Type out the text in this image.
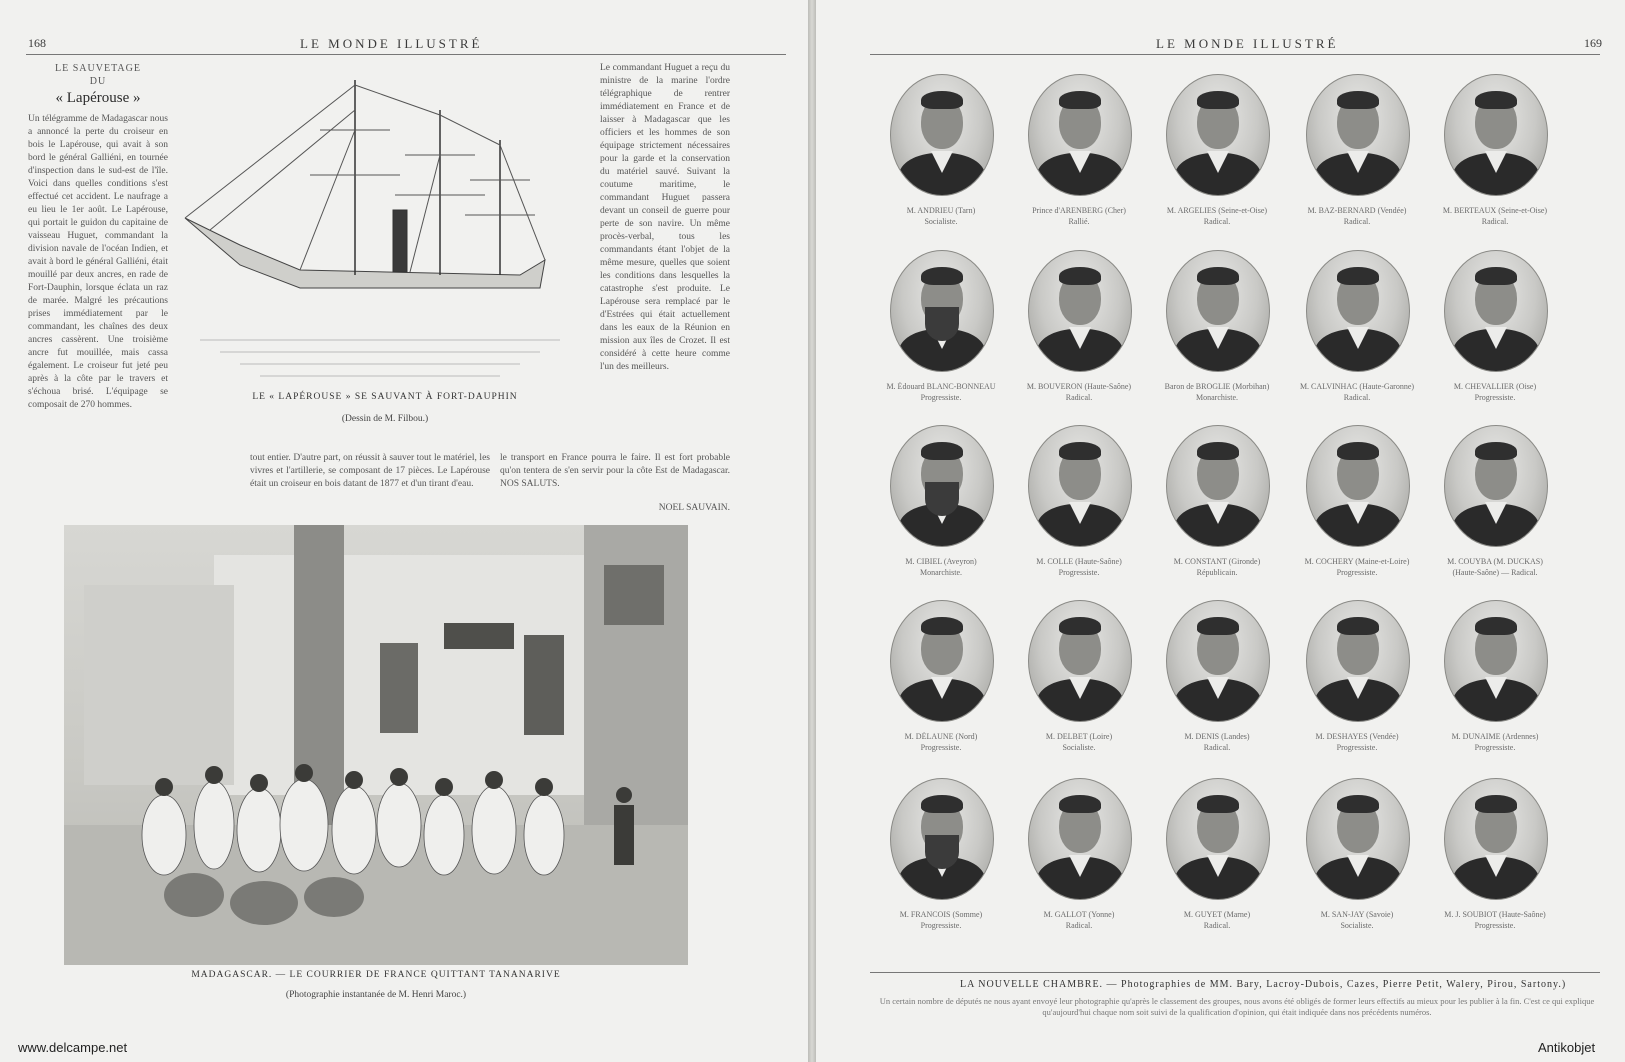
168	LE MONDE ILLUSTRÉ
LE SAUVETAGE
DU
« Lapérouse »
Un télégramme de Madagascar nous a annoncé la perte du croiseur en bois le Lapérouse, qui avait à son bord le général Galliéni, en tournée d'inspection dans le sud-est de l'île. Voici dans quelles conditions s'est effectué cet accident. Le naufrage a eu lieu le 1er août. Le Lapérouse, qui portait le guidon du capitaine de vaisseau Huguet, commandant la division navale de l'océan Indien, et avait à bord le général Galliéni, était mouillé par deux ancres, en rade de Fort-Dauphin, lorsque éclata un raz de marée. Malgré les précautions prises immédiatement par le commandant, les chaînes des deux ancres cassèrent. Une troisième ancre fut mouillée, mais cassa également. Le croiseur fut jeté peu après à la côte par le travers et s'échoua brisé. L'équipage se composait de 270 hommes.
LE « LAPÉROUSE » SE SAUVANT À FORT-DAUPHIN
(Dessin de M. Filbou.)
Le commandant Huguet a reçu du ministre de la marine l'ordre télégraphique de rentrer immédiatement en France et de laisser à Madagascar que les officiers et les hommes de son équipage strictement nécessaires pour la garde et la conservation du matériel sauvé. Suivant la coutume maritime, le commandant Huguet passera devant un conseil de guerre pour perte de son navire. Un même procès-verbal, tous les commandants étant l'objet de la même mesure, quelles que soient les conditions dans lesquelles la catastrophe s'est produite. Le Lapérouse sera remplacé par le d'Estrées qui était actuellement dans les eaux de la Réunion en mission aux îles de Crozet. Il est considéré à cette heure comme l'un des meilleurs.
tout entier. D'autre part, on réussit à sauver tout le matériel, les vivres et l'artillerie, se composant de 17 pièces. Le Lapérouse était un croiseur en bois datant de 1877 et d'un tirant d'eau.
le transport en France pourra le faire. Il est fort probable qu'on tentera de s'en servir pour la côte Est de Madagascar. NOS SALUTS.
NOEL SAUVAIN.
MADAGASCAR. — LE COURRIER DE FRANCE QUITTANT TANANARIVE
(Photographie instantanée de M. Henri Maroc.)
www.delcampe.net
LE MONDE ILLUSTRÉ	169
M. ANDRIEU (Tarn)
Socialiste.
Prince d'ARENBERG (Cher)
Rallié.
M. ARGELIES (Seine-et-Oise)
Radical.
M. BAZ-BERNARD (Vendée)
Radical.
M. BERTEAUX (Seine-et-Oise)
Radical.
M. Édouard BLANC-BONNEAU
Progressiste.
M. BOUVERON (Haute-Saône)
Radical.
Baron de BROGLIE (Morbihan)
Monarchiste.
M. CALVINHAC (Haute-Garonne)
Radical.
M. CHEVALLIER (Oise)
Progressiste.
M. CIBIEL (Aveyron)
Monarchiste.
M. COLLE (Haute-Saône)
Progressiste.
M. CONSTANT (Gironde)
Républicain.
M. COCHERY (Maine-et-Loire)
Progressiste.
M. COUYBA (M. DUCKAS)
(Haute-Saône) — Radical.
M. DÉLAUNE (Nord)
Progressiste.
M. DELBET (Loire)
Socialiste.
M. DENIS (Landes)
Radical.
M. DESHAYES (Vendée)
Progressiste.
M. DUNAIME (Ardennes)
Progressiste.
M. FRANCOIS (Somme)
Progressiste.
M. GALLOT (Yonne)
Radical.
M. GUYET (Marne)
Radical.
M. SAN-JAY (Savoie)
Socialiste.
M. J. SOUBIOT (Haute-Saône)
Progressiste.
Antikobjet
LA NOUVELLE CHAMBRE. — Photographies de MM. Bary, Lacroy-Dubois, Cazes, Pierre Petit, Walery, Pirou, Sartony.)
Un certain nombre de députés ne nous ayant envoyé leur photographie qu'après le classement des groupes, nous avons été obligés de former leurs effectifs au mieux pour les publier à la fin. C'est ce qui explique qu'aujourd'hui chaque nom soit suivi de la qualification d'opinion, qui était indiquée dans nos précédents numéros.
